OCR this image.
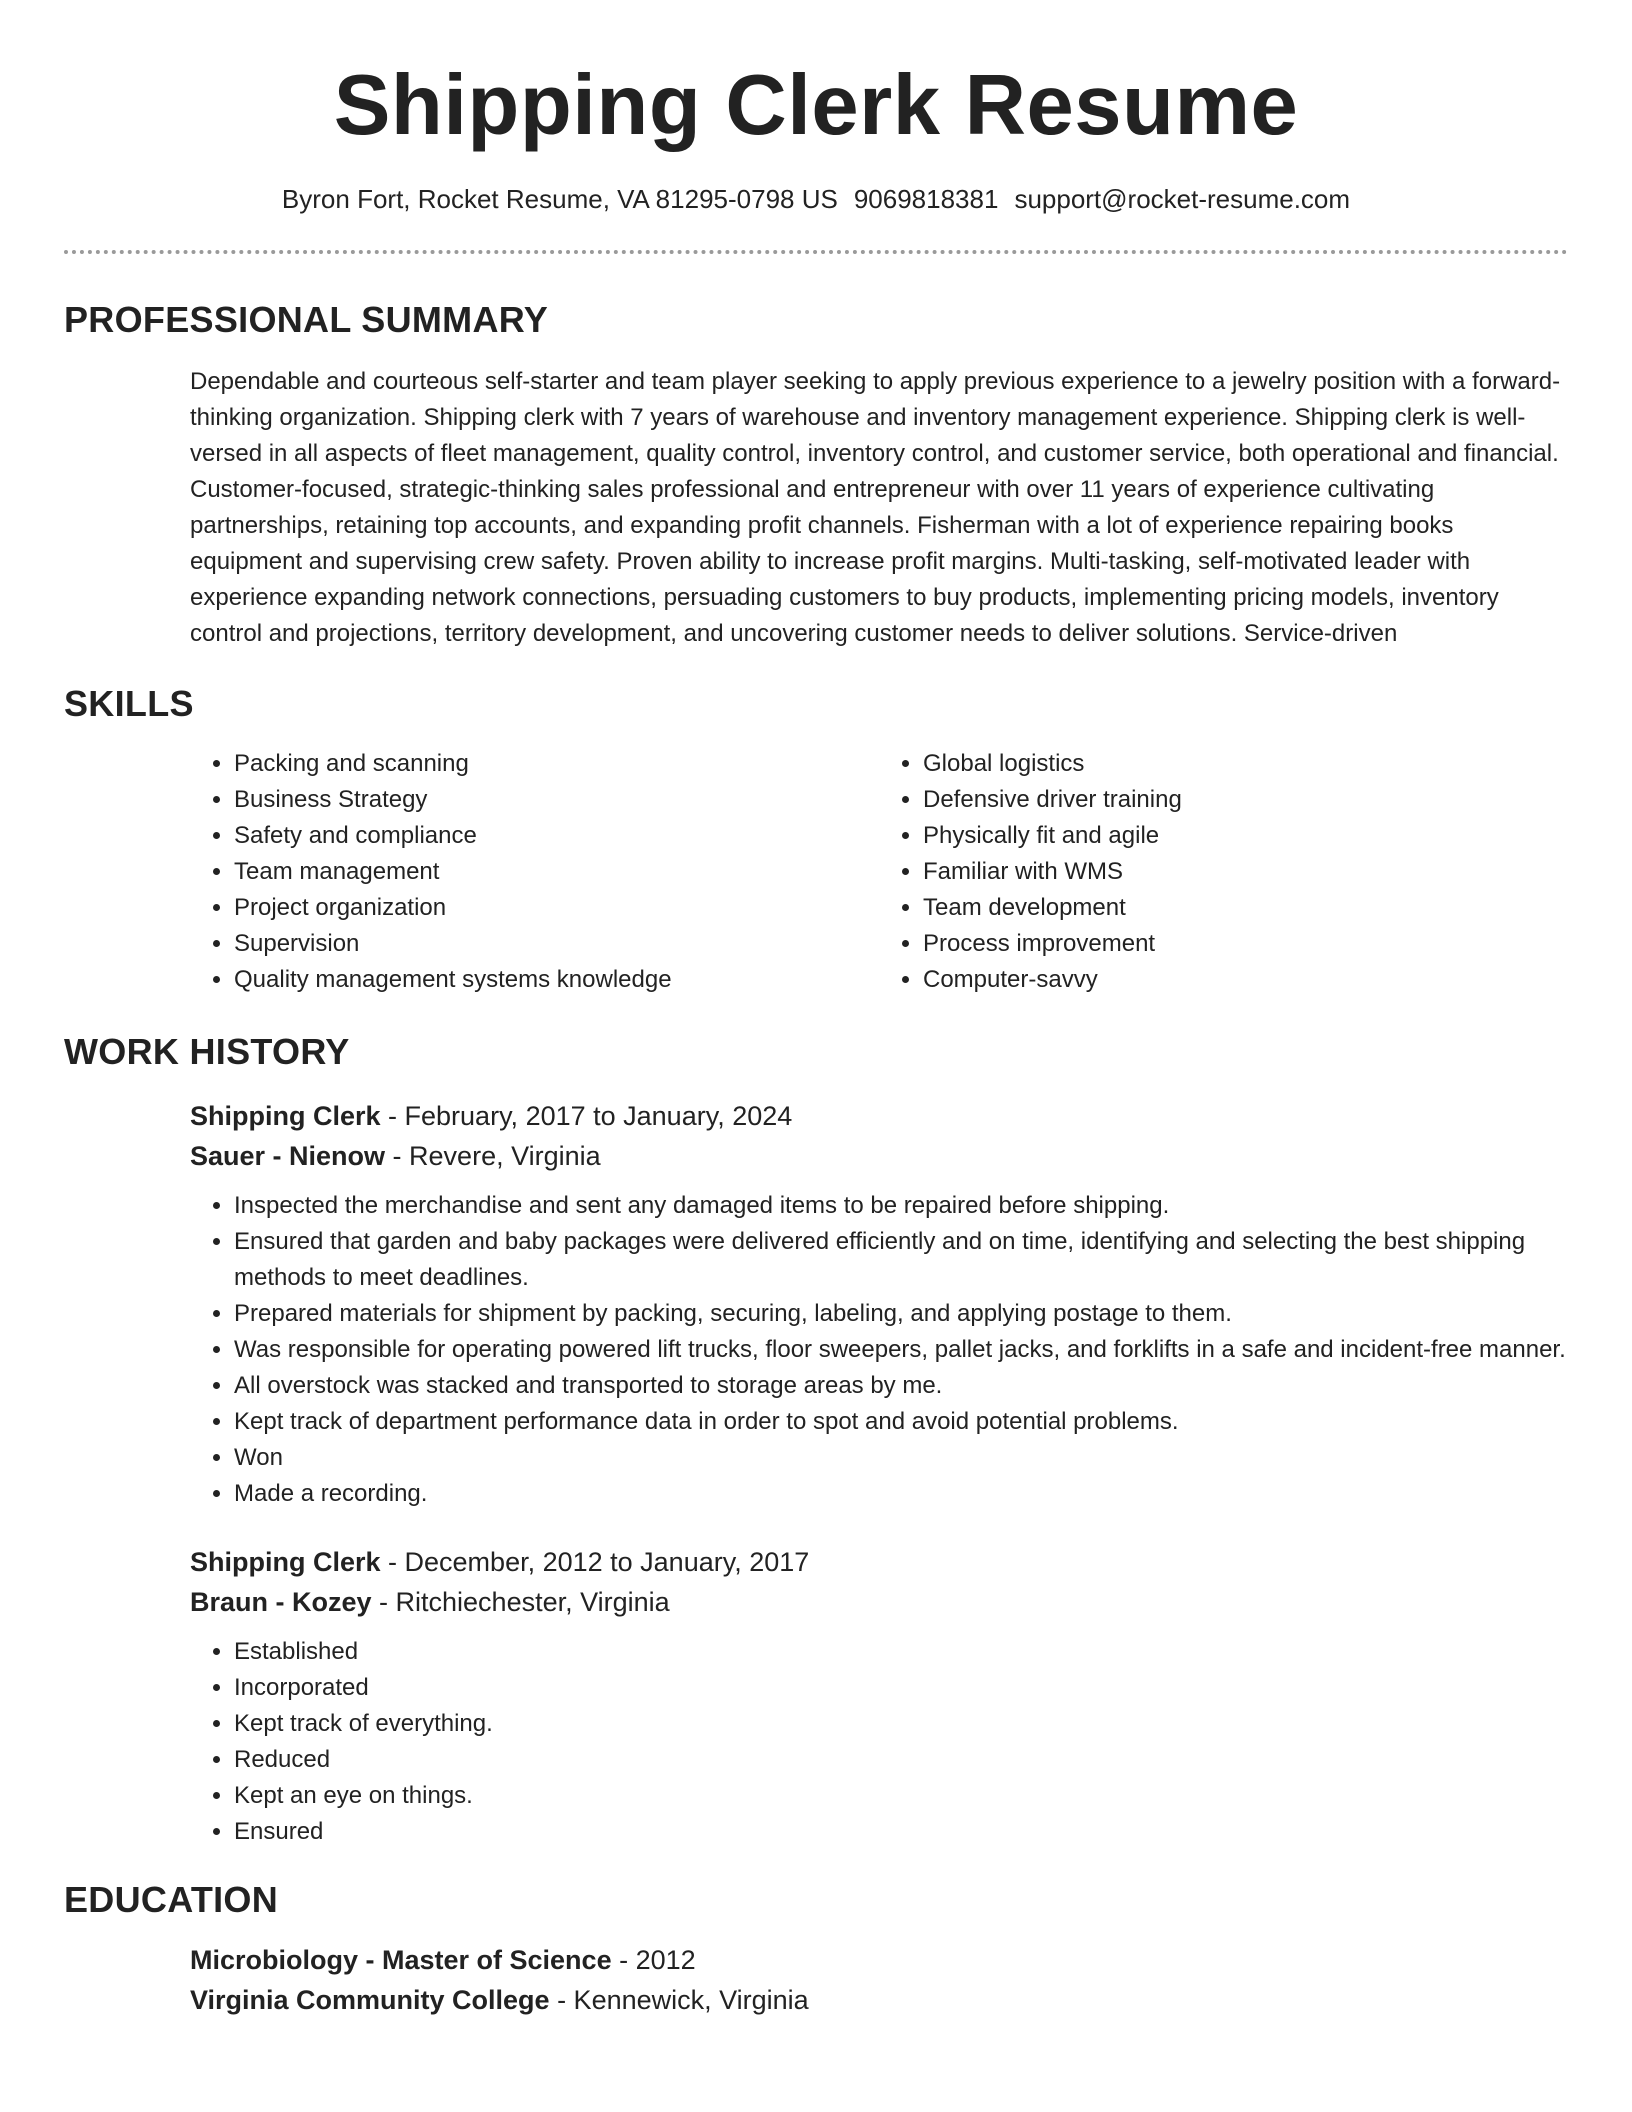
Shipping Clerk Resume
Byron Fort, Rocket Resume, VA 81295-0798 US 9069818381 support@rocket-resume.com
PROFESSIONAL SUMMARY

Dependable and courteous self-starter and team player seeking to apply previous experience to a jewelry position with a forward-thinking organization. Shipping clerk with 7 years of warehouse and inventory management experience. Shipping clerk is well-versed in all aspects of fleet management, quality control, inventory control, and customer service, both operational and financial. Customer-focused, strategic-thinking sales professional and entrepreneur with over 11 years of experience cultivating partnerships, retaining top accounts, and expanding profit channels. Fisherman with a lot of experience repairing books equipment and supervising crew safety. Proven ability to increase profit margins. Multi-tasking, self-motivated leader with experience expanding network connections, persuading customers to buy products, implementing pricing models, inventory control and projections, territory development, and uncovering customer needs to deliver solutions. Service-driven

SKILLS
• Packing and scanning
• Business Strategy
• Safety and compliance
• Team management
• Project organization
• Supervision
• Quality management systems knowledge
• Global logistics
• Defensive driver training
• Physically fit and agile
• Familiar with WMS
• Team development
• Process improvement
• Computer-savvy
WORK HISTORY
Shipping Clerk - February, 2017 to January, 2024
Sauer - Nienow - Revere, Virginia
• Inspected the merchandise and sent any damaged items to be repaired before shipping.
• Ensured that garden and baby packages were delivered efficiently and on time, identifying and selecting the best shipping methods to meet deadlines.
• Prepared materials for shipment by packing, securing, labeling, and applying postage to them.
• Was responsible for operating powered lift trucks, floor sweepers, pallet jacks, and forklifts in a safe and incident-free manner.
• All overstock was stacked and transported to storage areas by me.
• Kept track of department performance data in order to spot and avoid potential problems.
• Won
• Made a recording.
Shipping Clerk - December, 2012 to January, 2017
Braun - Kozey - Ritchiechester, Virginia
• Established
• Incorporated
• Kept track of everything.
• Reduced
• Kept an eye on things.
• Ensured
EDUCATION
Microbiology - Master of Science - 2012
Virginia Community College - Kennewick, Virginia
